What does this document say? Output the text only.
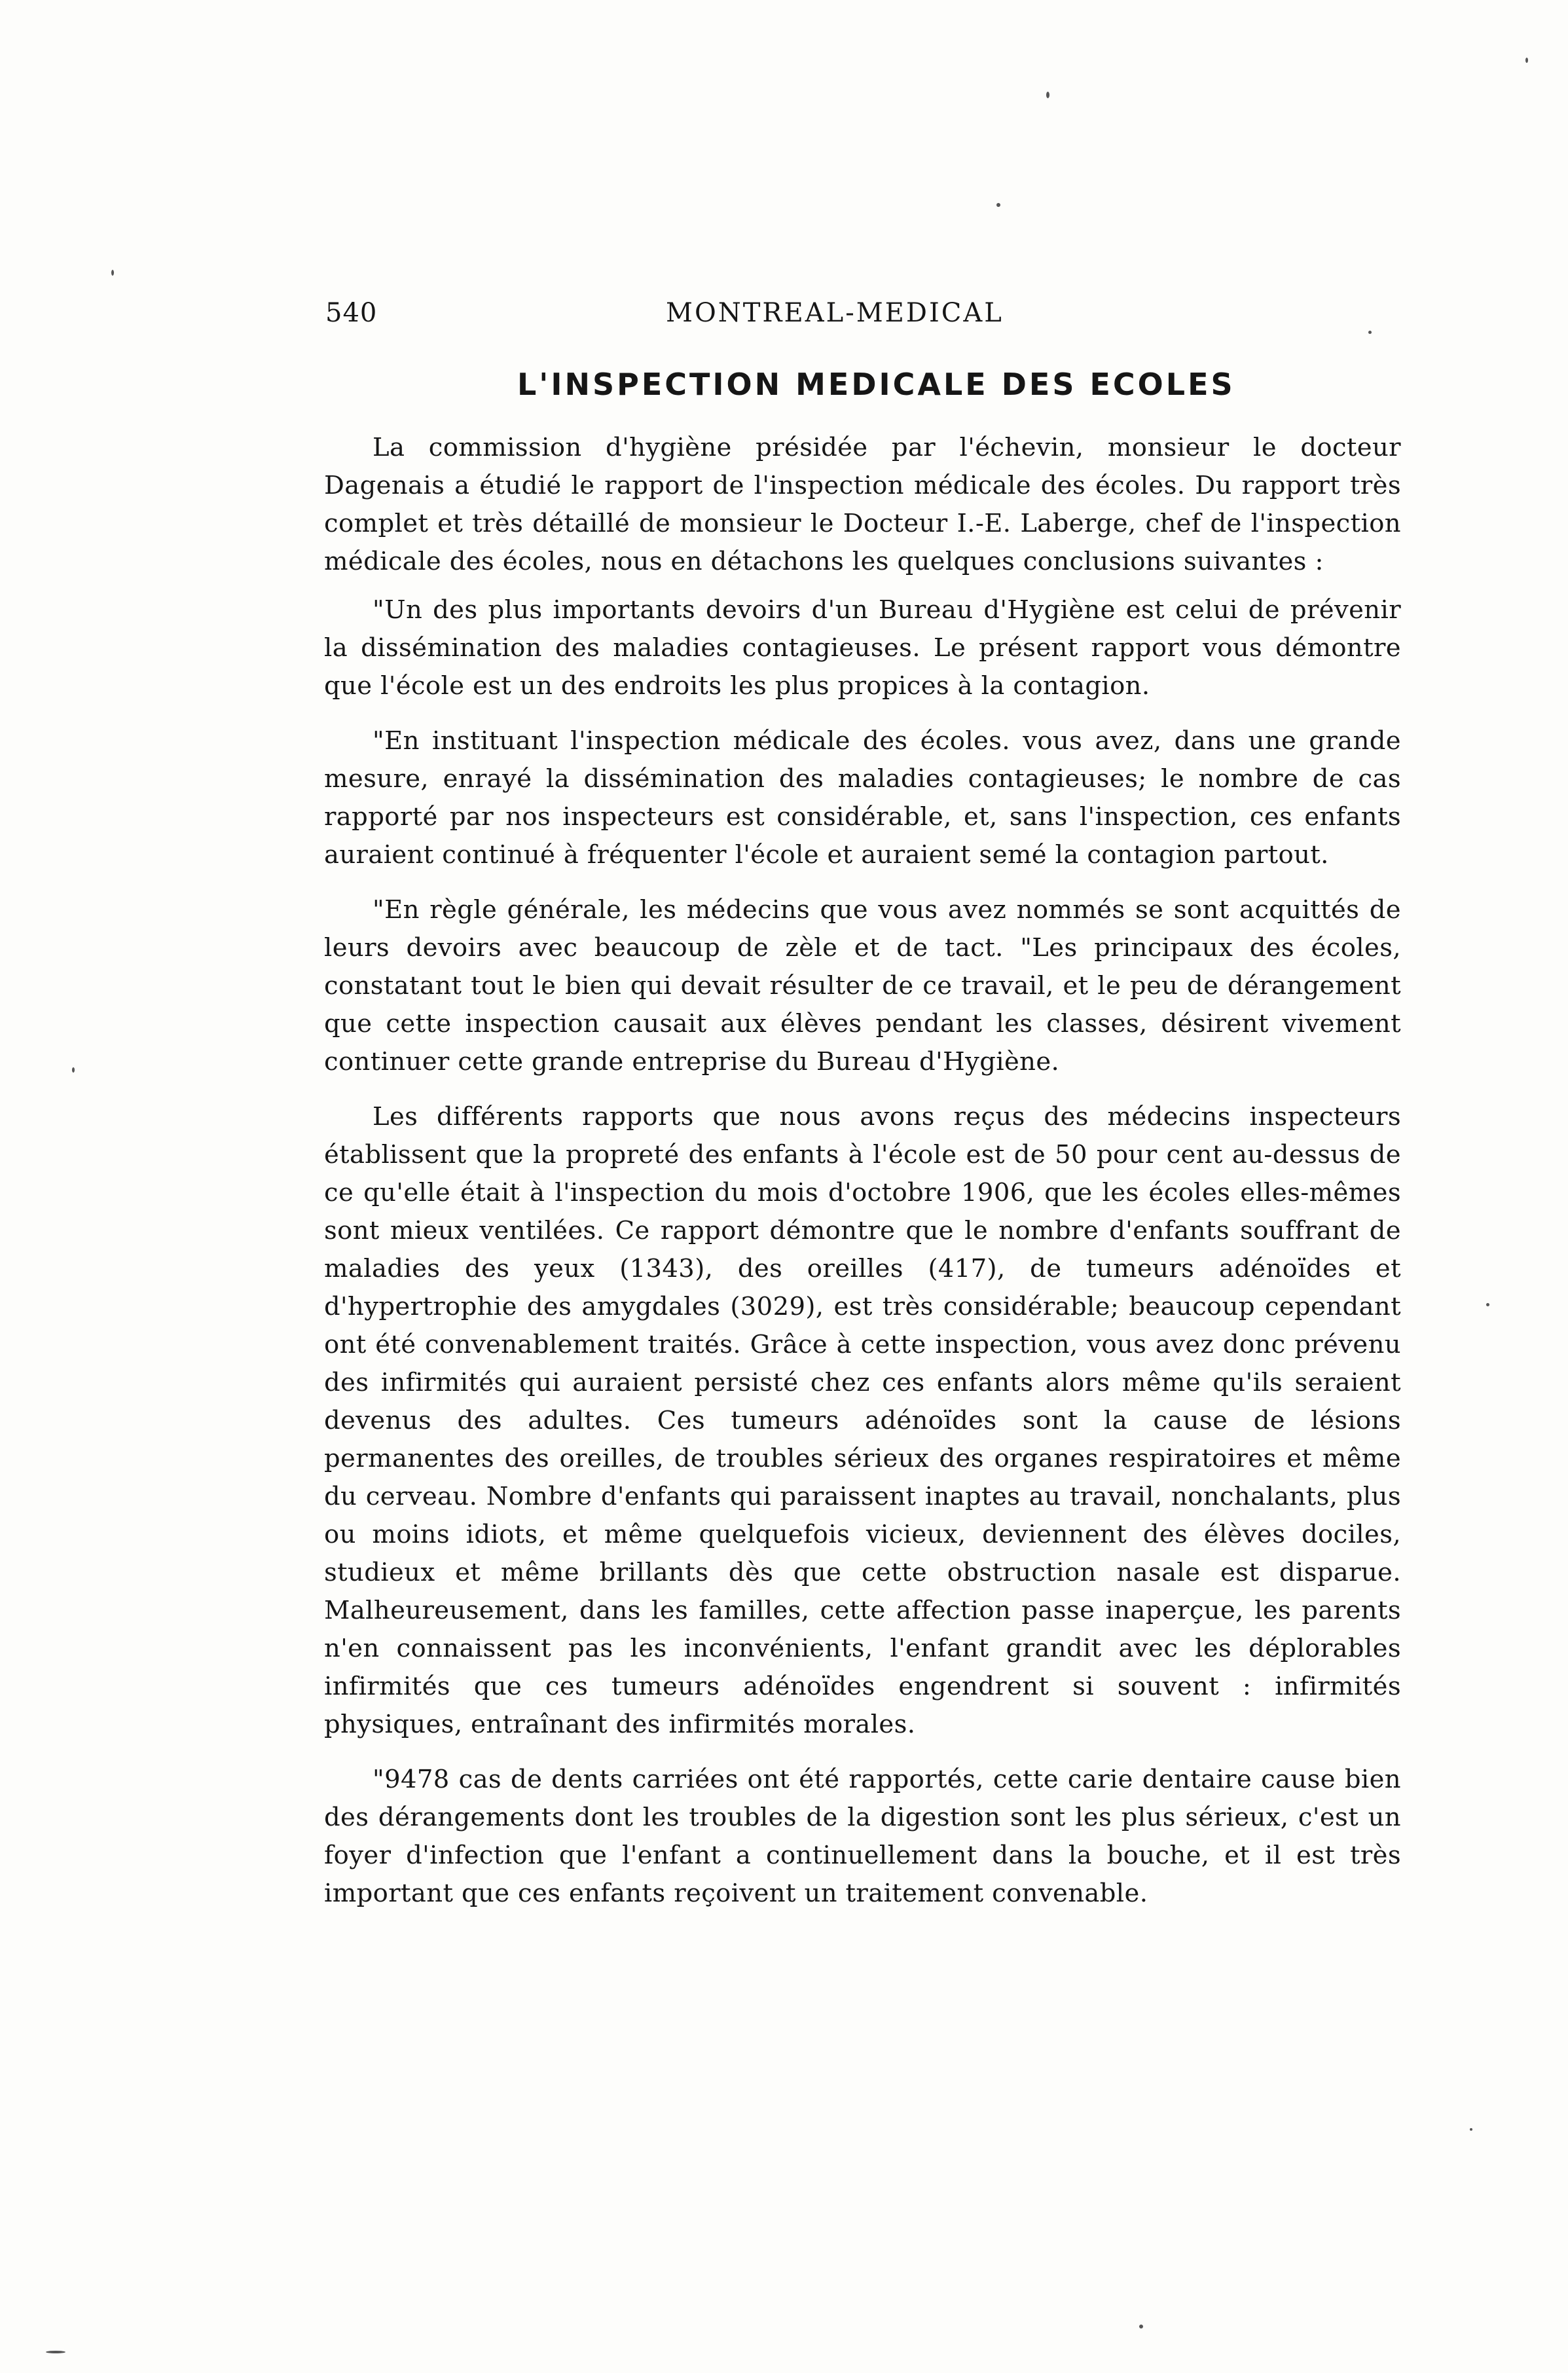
540	MONTREAL-MEDICAL
L'INSPECTION MEDICALE DES ECOLES

La commission d'hygiène présidée par l'échevin, monsieur le docteur Dagenais a étudié le rapport de l'inspection médicale des écoles. Du rapport très complet et très détaillé de monsieur le Docteur I.-E. Laberge, chef de l'inspection médicale des écoles, nous en détachons les quelques conclusions suivantes :

"Un des plus importants devoirs d'un Bureau d'Hygiène est celui de prévenir la dissémination des maladies contagieuses. Le présent rapport vous démontre que l'école est un des endroits les plus propices à la contagion.

"En instituant l'inspection médicale des écoles. vous avez, dans une grande mesure, enrayé la dissémination des maladies contagieuses; le nombre de cas rapporté par nos inspecteurs est considérable, et, sans l'inspection, ces enfants auraient continué à fréquenter l'école et auraient semé la contagion partout.

"En règle générale, les médecins que vous avez nommés se sont acquittés de leurs devoirs avec beaucoup de zèle et de tact. "Les principaux des écoles, constatant tout le bien qui devait résulter de ce travail, et le peu de dérangement que cette inspection causait aux élèves pendant les classes, désirent vivement continuer cette grande entreprise du Bureau d'Hygiène.

Les différents rapports que nous avons reçus des médecins inspecteurs établissent que la propreté des enfants à l'école est de 50 pour cent au-dessus de ce qu'elle était à l'inspection du mois d'octobre 1906, que les écoles elles-mêmes sont mieux ventilées. Ce rapport démontre que le nombre d'enfants souffrant de maladies des yeux (1343), des oreilles (417), de tumeurs adénoïdes et d'hypertrophie des amygdales (3029), est très considérable; beaucoup cependant ont été convenablement traités. Grâce à cette inspection, vous avez donc prévenu des infirmités qui auraient persisté chez ces enfants alors même qu'ils seraient devenus des adultes. Ces tumeurs adénoïdes sont la cause de lésions permanentes des oreilles, de troubles sérieux des organes respiratoires et même du cerveau. Nombre d'enfants qui paraissent inaptes au travail, nonchalants, plus ou moins idiots, et même quelquefois vicieux, deviennent des élèves dociles, studieux et même brillants dès que cette obstruction nasale est disparue. Malheureusement, dans les familles, cette affection passe inaperçue, les parents n'en connaissent pas les inconvénients, l'enfant grandit avec les déplorables infirmités que ces tumeurs adénoïdes engendrent si souvent : infirmités physiques, entraînant des infirmités morales.

"9478 cas de dents carriées ont été rapportés, cette carie dentaire cause bien des dérangements dont les troubles de la digestion sont les plus sérieux, c'est un foyer d'infection que l'enfant a continuellement dans la bouche, et il est très important que ces enfants reçoivent un traitement convenable.
